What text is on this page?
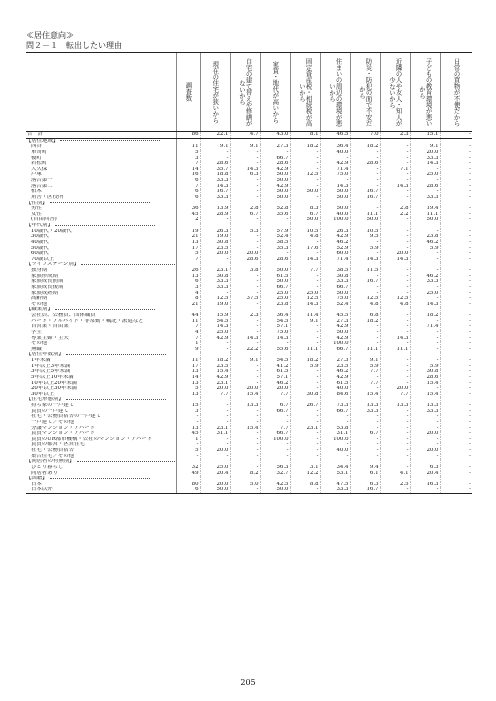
≪居住意向≫
問２－１　転出したい理由

	調査数	現在の住宅が狭いから	自宅の建て替えや修繕がないから	家賃・地代が高いから	固定資産税・相続税が高いから	住まいの周辺の環境が悪いから	防災・防犯の面で不安だから	近隣の人や友人・知人が少ないから	子どもの教育環境が悪いから	日常の買物が不便だから

合　計	86	22.1	4.7	43.0	8.1	46.5	7.0	2.3	15.1	-
【居住地域】										
西谷	11	9.1	9.1	27.3	18.2	36.4	18.2	-	9.1	-
箪笥町	5	-	-	-	-	40.0	-	-	20.0	-
榎町	3	-	-	66.7	-	-	-	-	33.3	-
若松町	7	28.6	-	28.6	-	42.9	28.6	-	14.3	-
大久保	14	35.7	14.3	42.9	-	71.4	-	7.1	-	-
戸塚	16	18.8	6.3	50.0	12.5	75.0	-	-	25.0	-
落合第一	6	33.3	-	50.0	-	-	-	-	-	-
落合第二	7	14.3	-	42.9	-	14.3	-	14.3	28.6	-
柏木	6	16.7	-	50.0	50.0	50.0	16.7	-	-	-
角筈・区役所	6	33.3	-	50.0	-	50.0	16.7	-	33.3	-
【性別】										
男性	36	13.9	2.8	52.8	8.3	50.0	-	2.8	19.4	-
女性	45	28.9	6.7	35.6	6.7	40.0	11.1	2.2	11.1	-
(自由回答)	2	-	-	-	50.0	100.0	50.0	-	50.0	-
【年代別】										
10歳代・20歳代	19	26.3	5.3	57.9	10.5	26.3	10.5	-	-	-
30歳代	21	19.0	-	52.4	4.8	42.9	9.5	-	23.8	-
40歳代	13	30.8	-	38.5	-	46.2	-	-	46.2	-
50歳代	17	23.5	-	35.3	17.6	52.9	5.9	-	5.9	-
60歳代	5	20.0	20.0	-	-	60.0	-	20.0	-	-
70歳以上	7	-	28.6	28.6	14.3	71.4	14.3	14.3	-	-
【ライフステージ別】										
独身期	26	23.1	3.8	50.0	7.7	38.5	11.5	-	-	-
家族形成期	13	30.8	-	61.5	-	30.8	-	-	46.2	-
家族成長前期	6	33.3	-	50.0	-	33.3	16.7	-	33.3	-
家族成長後期	3	33.3	-	66.7	-	66.7	-	-	-	-
家族成熟期	4	-	-	25.0	25.0	50.0	-	-	25.0	-
高齢期	8	12.5	37.5	25.0	12.5	75.0	12.5	12.5	-	-
その他	21	19.0	-	23.8	14.3	52.4	4.8	4.8	14.3	-
【職業別】										
会社員、公務員、団体職員	44	15.9	2.3	36.4	11.4	45.5	6.8	-	18.2	-
パート・アルバイト・非常勤・嘱託・派遣など	11	54.5	-	54.5	9.1	27.3	18.2	-	-	-
自営業・自由業	7	14.3	-	57.1	-	42.9	-	-	71.4	-
学生	4	25.0	-	75.0	-	50.0	-	-	-	-
専業主婦・主夫	7	42.9	14.3	14.3	-	42.9	-	14.3	-	-
その他	1	-	-	-	-	100.0	-	-	-	-
無職	9	-	22.2	55.6	11.1	66.7	11.1	11.1	-	-
【居住年数別】										
1年未満	11	18.2	9.1	54.5	18.2	27.3	9.1	-	-	-
1年以上3年未満	17	23.5	-	41.2	5.9	23.5	5.9	-	5.9	-
3年以上5年未満	13	15.4	-	61.5	-	46.2	7.7	-	30.8	-
5年以上10年未満	14	42.9	-	57.1	-	42.9	-	-	28.6	-
10年以上20年未満	13	23.1	-	46.2	-	61.5	7.7	-	15.4	-
20年以上30年未満	5	20.0	20.0	20.0	-	40.0	-	20.0	-	-
30年以上	13	7.7	15.4	7.7	30.8	84.6	15.4	7.7	15.4	-
【住宅形態別】										
持ち家の一戸建て	15	-	13.3	6.7	26.7	73.3	13.3	13.3	13.3	-
賃貸の一戸建て	3	-	-	66.7	-	66.7	33.3	-	33.3	-
社宅・公務員宿舎の一戸建て	-	-	-	-	-	-	-	-	-	-
一戸建て／その他	-	-	-	-	-	-	-	-	-	-
分譲マンション・アパート	13	23.1	15.4	7.7	23.1	53.8	-	-	-	-
賃貸マンション・アパート	45	31.1	-	66.7	-	31.1	6.7	-	20.0	-
賃貸のUR都市機構・公社のマンション・アパート	1	-	-	100.0	-	100.0	-	-	-	-
賃貸の都営・区営住宅	-	-	-	-	-	-	-	-	-	-
社宅・公務員宿舎	5	20.0	-	-	-	40.0	-	-	20.0	-
集合住宅／その他	-	-	-	-	-	-	-	-	-	-
【同居者の有無別】										
ひとり暮らし	32	25.0	-	56.3	3.1	34.4	9.4	-	6.3	-
同居者あり	49	20.4	8.2	32.7	12.2	53.1	6.1	4.1	20.4	-
【国籍】										
日本	80	20.0	5.0	42.5	8.8	47.5	6.3	2.5	16.3	-
日本以外	6	50.0	-	50.0	-	33.3	16.7	-	-	-
205
